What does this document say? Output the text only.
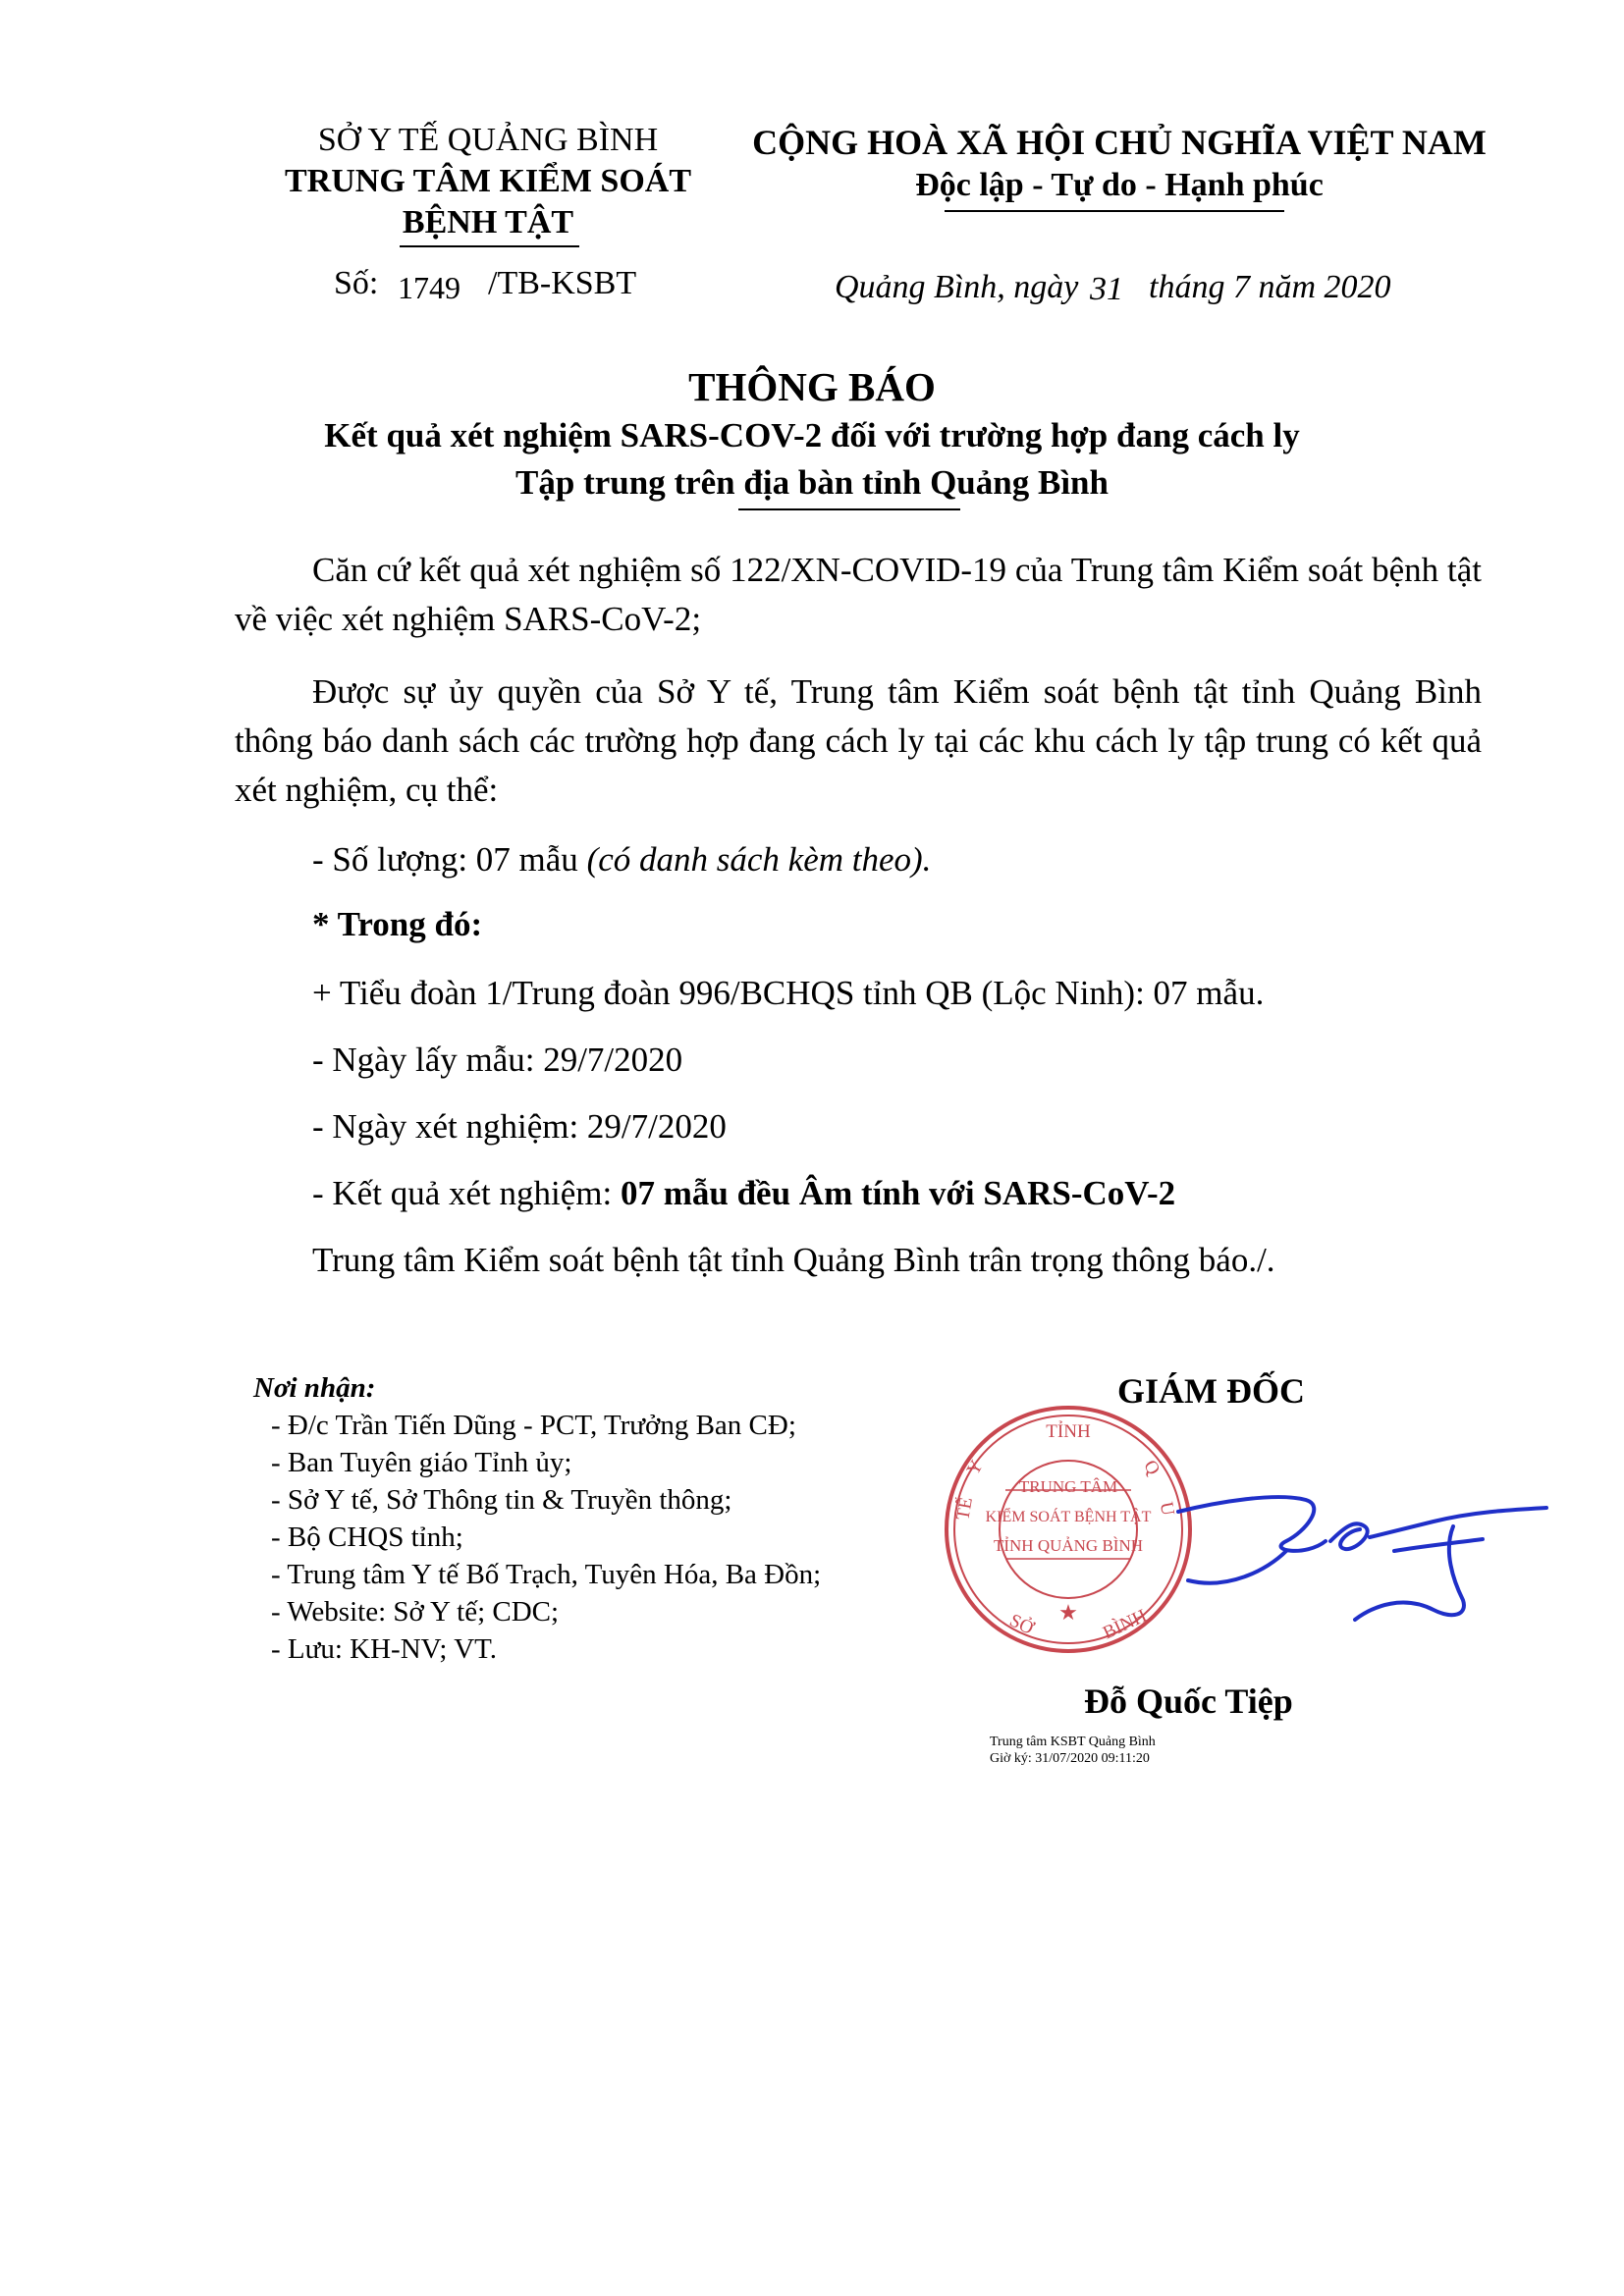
SỞ Y TẾ QUẢNG BÌNH
TRUNG TÂM KIỂM SOÁT
BỆNH TẬT
Số: 1749 /TB-KSBT
CỘNG HOÀ XÃ HỘI CHỦ NGHĨA VIỆT NAM
Độc lập - Tự do - Hạnh phúc
Quảng Bình, ngày 31 tháng 7 năm 2020
THÔNG BÁO
Kết quả xét nghiệm SARS-COV-2 đối với trường hợp đang cách ly
Tập trung trên địa bàn tỉnh Quảng Bình
Căn cứ kết quả xét nghiệm số 122/XN-COVID-19 của Trung tâm Kiểm soát bệnh tật về việc xét nghiệm SARS-CoV-2;
Được sự ủy quyền của Sở Y tế, Trung tâm Kiểm soát bệnh tật tỉnh Quảng Bình thông báo danh sách các trường hợp đang cách ly tại các khu cách ly tập trung có kết quả xét nghiệm, cụ thể:
- Số lượng: 07 mẫu (có danh sách kèm theo).
* Trong đó:
+ Tiểu đoàn 1/Trung đoàn 996/BCHQS tỉnh QB (Lộc Ninh): 07 mẫu.
- Ngày lấy mẫu: 29/7/2020
- Ngày xét nghiệm: 29/7/2020
- Kết quả xét nghiệm: 07 mẫu đều Âm tính với SARS-CoV-2
Trung tâm Kiểm soát bệnh tật tỉnh Quảng Bình trân trọng thông báo./.
Nơi nhận:
- Đ/c Trần Tiến Dũng - PCT, Trưởng Ban CĐ;
- Ban Tuyên giáo Tỉnh ủy;
- Sở Y tế, Sở Thông tin & Truyền thông;
- Bộ CHQS tỉnh;
- Trung tâm Y tế Bố Trạch, Tuyên Hóa, Ba Đồn;
- Website: Sở Y tế; CDC;
- Lưu: KH-NV; VT.
GIÁM ĐỐC
TRUNG TÂM
KIỂM SOÁT BỆNH TẬT
TỈNH QUẢNG BÌNH
Y
TẾ
TỈNH
Q
U
SỞ	BÌNH
★
Đỗ Quốc Tiệp
Trung tâm KSBT Quảng Bình
Giờ ký: 31/07/2020 09:11:20
